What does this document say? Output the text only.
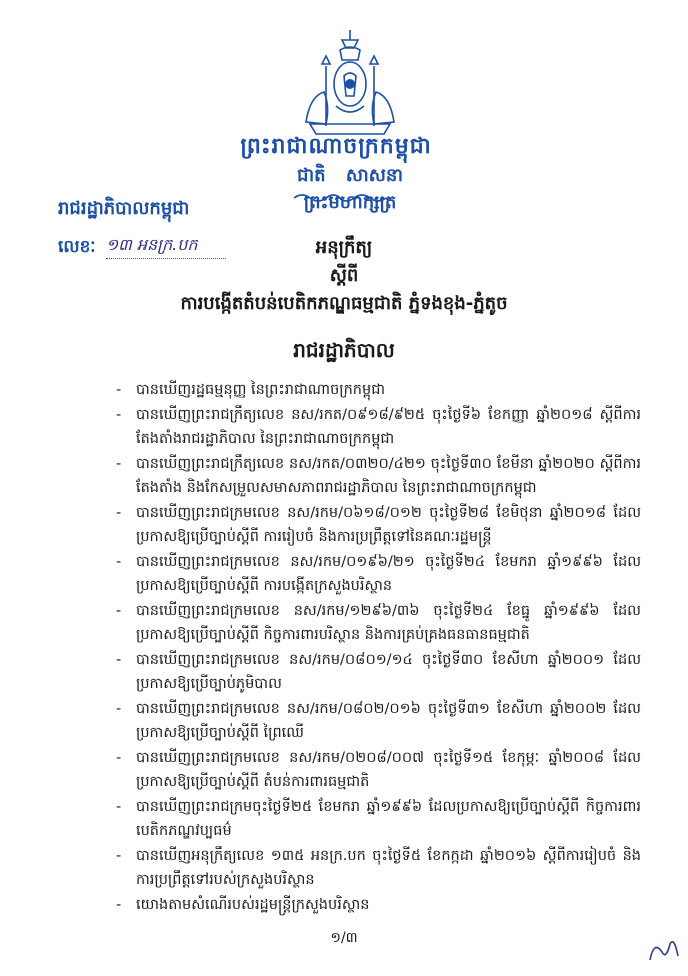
ព្រះរាជាណាចក្រកម្ពុជា
ជាតិ សាសនា ព្រះមហាក្សត្រ
រាជរដ្ឋាភិបាលកម្ពុជា
លេខៈ ១៣ អនក្រ.បក	អនុក្រឹត្យ
ស្ដីពី
ការបង្កើតតំបន់បេតិកភណ្ឌធម្មជាតិ ភ្នំទងខុង-ភ្នំតូច
រាជរដ្ឋាភិបាល
- បានឃើញរដ្ឋធម្មនុញ្ញ នៃព្រះរាជាណាចក្រកម្ពុជា
- បានឃើញព្រះរាជក្រឹត្យលេខ នស/រកត/០៩១៨/៩២៥ ចុះថ្ងៃទី៦ ខែកញ្ញា ឆ្នាំ២០១៨ ស្ដីពីការតែងតាំងរាជរដ្ឋាភិបាល នៃព្រះរាជាណាចក្រកម្ពុជា
- បានឃើញព្រះរាជក្រឹត្យលេខ នស/រកត/០៣២០/៤២១ ចុះថ្ងៃទី៣០ ខែមីនា ឆ្នាំ២០២០ ស្ដីពីការតែងតាំង និងកែសម្រួលសមាសភាពរាជរដ្ឋាភិបាល នៃព្រះរាជាណាចក្រកម្ពុជា
- បានឃើញព្រះរាជក្រមលេខ នស/រកម/០៦១៨/០១២ ចុះថ្ងៃទី២៨ ខែមិថុនា ឆ្នាំ២០១៨ ដែលប្រកាសឱ្យប្រើច្បាប់ស្ដីពី ការរៀបចំ និងការប្រព្រឹត្តទៅនៃគណៈរដ្ឋមន្ត្រី
- បានឃើញព្រះរាជក្រមលេខ នស/រកម/០១៩៦/២១ ចុះថ្ងៃទី២៤ ខែមករា ឆ្នាំ១៩៩៦ ដែលប្រកាសឱ្យប្រើច្បាប់ស្ដីពី ការបង្កើតក្រសួងបរិស្ថាន
- បានឃើញព្រះរាជក្រមលេខ នស/រកម/១២៩៦/៣៦ ចុះថ្ងៃទី២៤ ខែធ្នូ ឆ្នាំ១៩៩៦ ដែលប្រកាសឱ្យប្រើច្បាប់ស្ដីពី កិច្ចការពារបរិស្ថាន និងការគ្រប់គ្រងធនធានធម្មជាតិ
- បានឃើញព្រះរាជក្រមលេខ នស/រកម/០៨០១/១៤ ចុះថ្ងៃទី៣០ ខែសីហា ឆ្នាំ២០០១ ដែលប្រកាសឱ្យប្រើច្បាប់ភូមិបាល
- បានឃើញព្រះរាជក្រមលេខ នស/រកម/០៨០២/០១៦ ចុះថ្ងៃទី៣១ ខែសីហា ឆ្នាំ២០០២ ដែលប្រកាសឱ្យប្រើច្បាប់ស្ដីពី ព្រៃឈើ
- បានឃើញព្រះរាជក្រមលេខ នស/រកម/០២០៨/០០៧ ចុះថ្ងៃទី១៥ ខែកុម្ភៈ ឆ្នាំ២០០៨ ដែលប្រកាសឱ្យប្រើច្បាប់ស្ដីពី តំបន់ការពារធម្មជាតិ
- បានឃើញព្រះរាជក្រមចុះថ្ងៃទី២៥ ខែមករា ឆ្នាំ១៩៩៦ ដែលប្រកាសឱ្យប្រើច្បាប់ស្ដីពី កិច្ចការពារបេតិកភណ្ឌវប្បធម៌
- បានឃើញអនុក្រឹត្យលេខ ១៣៥ អនក្រ.បក ចុះថ្ងៃទី៥ ខែកក្កដា ឆ្នាំ២០១៦ ស្ដីពីការរៀបចំ និងការប្រព្រឹត្តទៅរបស់ក្រសួងបរិស្ថាន
- យោងតាមសំណើរបស់រដ្ឋមន្ត្រីក្រសួងបរិស្ថាន
១/៣
